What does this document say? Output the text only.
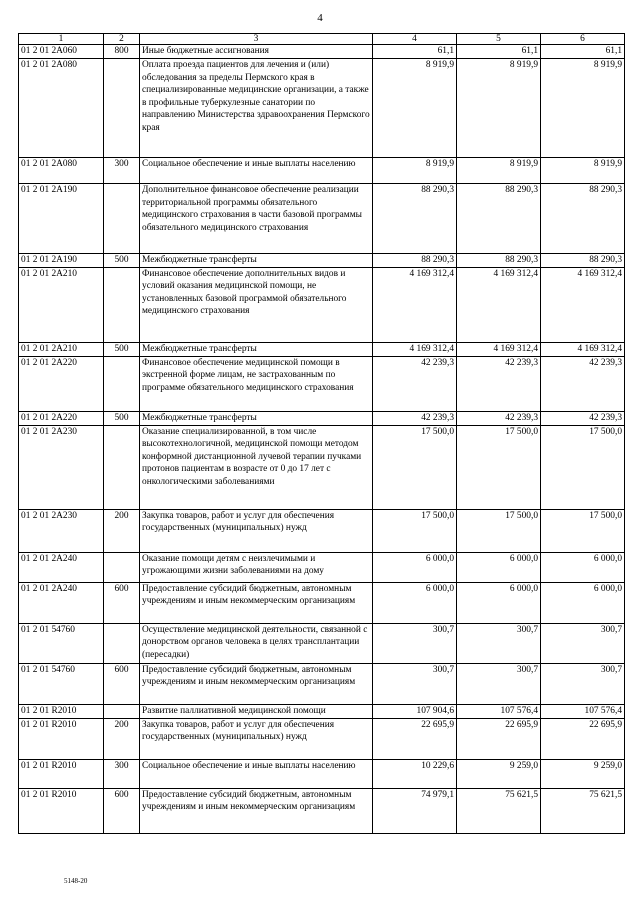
4
1	2	3	4	5	6
01 2 01 2A060	800	Иные бюджетные ассигнования	61,1	61,1	61,1
01 2 01 2A080		Оплата проезда пациентов для лечения и (или) обследования за пределы Пермского края в специализированные медицинские организации, а также в профильные туберкулезные санатории по направлению Министерства здравоохранения Пермского края	8 919,9	8 919,9	8 919,9
01 2 01 2A080	300	Социальное обеспечение и иные выплаты населению	8 919,9	8 919,9	8 919,9
01 2 01 2A190		Дополнительное финансовое обеспечение реализации территориальной программы обязательного медицинского страхования в части базовой программы обязательного медицинского страхования	88 290,3	88 290,3	88 290,3
01 2 01 2A190	500	Межбюджетные трансферты	88 290,3	88 290,3	88 290,3
01 2 01 2A210		Финансовое обеспечение дополнительных видов и условий оказания медицинской помощи, не установленных базовой программой обязательного медицинского страхования	4 169 312,4	4 169 312,4	4 169 312,4
01 2 01 2A210	500	Межбюджетные трансферты	4 169 312,4	4 169 312,4	4 169 312,4
01 2 01 2A220		Финансовое обеспечение медицинской помощи в экстренной форме лицам, не застрахованным по программе обязательного медицинского страхования	42 239,3	42 239,3	42 239,3
01 2 01 2A220	500	Межбюджетные трансферты	42 239,3	42 239,3	42 239,3
01 2 01 2A230		Оказание специализированной, в том числе высокотехнологичной, медицинской помощи методом конформной дистанционной лучевой терапии пучками протонов пациентам в возрасте от 0 до 17 лет с онкологическими заболеваниями	17 500,0	17 500,0	17 500,0
01 2 01 2A230	200	Закупка товаров, работ и услуг для обеспечения государственных (муниципальных) нужд	17 500,0	17 500,0	17 500,0
01 2 01 2A240		Оказание помощи детям с неизлечимыми и угрожающими жизни заболеваниями на дому	6 000,0	6 000,0	6 000,0
01 2 01 2A240	600	Предоставление субсидий бюджетным, автономным учреждениям и иным некоммерческим организациям	6 000,0	6 000,0	6 000,0
01 2 01 54760		Осуществление медицинской деятельности, связанной с донорством органов человека в целях трансплантации (пересадки)	300,7	300,7	300,7
01 2 01 54760	600	Предоставление субсидий бюджетным, автономным учреждениям и иным некоммерческим организациям	300,7	300,7	300,7
01 2 01 R2010		Развитие паллиативной медицинской помощи	107 904,6	107 576,4	107 576,4
01 2 01 R2010	200	Закупка товаров, работ и услуг для обеспечения государственных (муниципальных) нужд	22 695,9	22 695,9	22 695,9
01 2 01 R2010	300	Социальное обеспечение и иные выплаты населению	10 229,6	9 259,0	9 259,0
01 2 01 R2010	600	Предоставление субсидий бюджетным, автономным учреждениям и иным некоммерческим организациям	74 979,1	75 621,5	75 621,5
5148-20
